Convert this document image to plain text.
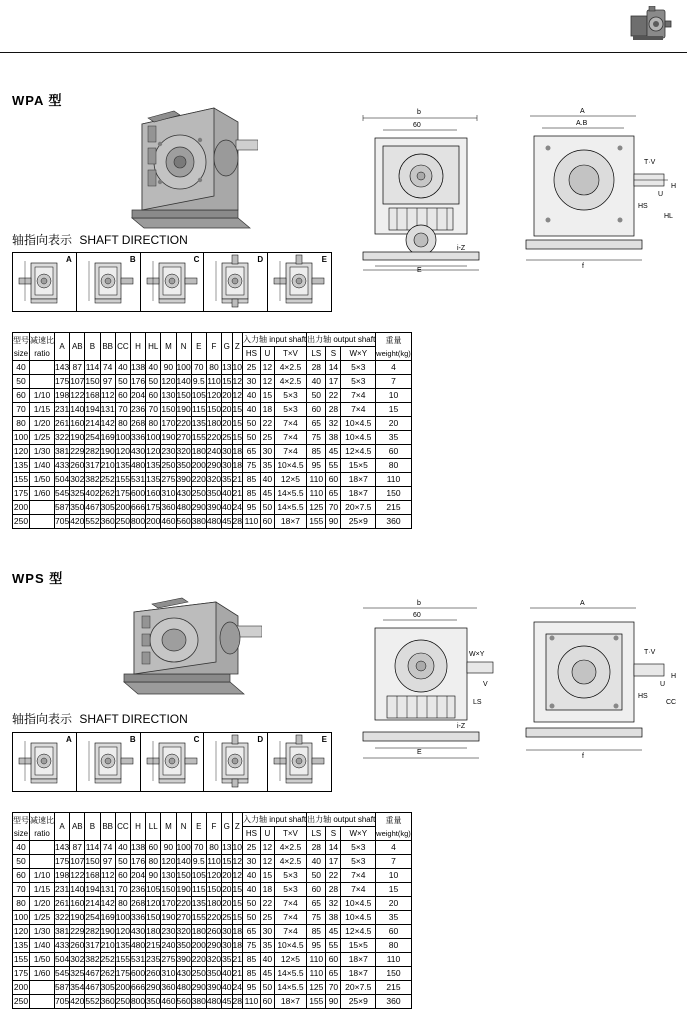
WPA 型
b
60
E
i-Z
A
A.B
T·V
U
HS
HL
H
f
轴指向表示 SHAFT DIRECTION
A	B	C	D	E
型号
size

减速比
ratio
	A	AB	B	BB	CC	H	HL	M	N	E	F	G	Z	入力轴 input shaft	出力轴 output shaft	重量
weight(kg)

															HS	U	T×V	LS	S	W×Y	
40		143	87	114	74	40	138	40	90	100	70	80	13	10	25	12	4×2.5	28	14	5×3	4
50		175	107	150	97	50	176	50	120	140	9.5	110	15	12	30	12	4×2.5	40	17	5×3	7
60	1/10	198	122	168	112	60	204	60	130	150	105	120	20	12	40	15	5×3	50	22	7×4	10
70	1/15	231	140	194	131	70	236	70	150	190	115	150	20	15	40	18	5×3	60	28	7×4	15
80	1/20	261	160	214	142	80	268	80	170	220	135	180	20	15	50	22	7×4	65	32	10×4.5	20
100	1/25	322	190	254	169	100	336	100	190	270	155	220	25	15	50	25	7×4	75	38	10×4.5	35
120	1/30	381	229	282	190	120	430	120	230	320	180	240	30	18	65	30	7×4	85	45	12×4.5	60
135	1/40	433	260	317	210	135	480	135	250	350	200	290	30	18	75	35	10×4.5	95	55	15×5	80
155	1/50	504	302	382	252	155	531	135	275	390	220	320	35	21	85	40	12×5	110	60	18×7	110
175	1/60	545	325	402	262	175	600	160	310	430	250	350	40	21	85	45	14×5.5	110	65	18×7	150
200		587	350	467	305	200	666	175	360	480	290	390	40	24	95	50	14×5.5	125	70	20×7.5	215
250		705	420	552	360	250	800	200	460	560	380	480	45	28	110	60	18×7	155	90	25×9	360
WPS 型
b
60
W×Y
V
LS
E
i-Z
A
T·V
U
HS
CC
H
f
轴指向表示 SHAFT DIRECTION
A	B	C	D	E
型号
size

减速比
ratio
	A	AB	B	BB	CC	H	LL	M	N	E	F	G	Z	入力轴 input shaft	出力轴 output shaft	重量
weight(kg)

															HS	U	T×V	LS	S	W×Y	
40		143	87	114	74	40	138	60	90	100	70	80	13	10	25	12	4×2.5	28	14	5×3	4
50		175	107	150	97	50	176	80	120	140	9.5	110	15	12	30	12	4×2.5	40	17	5×3	7
60	1/10	198	122	168	112	60	204	90	130	150	105	120	20	12	40	15	5×3	50	22	7×4	10
70	1/15	231	140	194	131	70	236	105	150	190	115	150	20	15	40	18	5×3	60	28	7×4	15
80	1/20	261	160	214	142	80	268	120	170	220	135	180	20	15	50	22	7×4	65	32	10×4.5	20
100	1/25	322	190	254	169	100	336	150	190	270	155	220	25	15	50	25	7×4	75	38	10×4.5	35
120	1/30	381	229	282	190	120	430	180	230	320	180	260	30	18	65	30	7×4	85	45	12×4.5	60
135	1/40	433	260	317	210	135	480	215	240	350	200	290	30	18	75	35	10×4.5	95	55	15×5	80
155	1/50	504	302	382	252	155	531	235	275	390	220	320	35	21	85	40	12×5	110	60	18×7	110
175	1/60	545	325	467	262	175	600	260	310	430	250	350	40	21	85	45	14×5.5	110	65	18×7	150
200		587	354	467	305	200	666	290	360	480	290	390	40	24	95	50	14×5.5	125	70	20×7.5	215
250		705	420	552	360	250	800	350	460	560	380	480	45	28	110	60	18×7	155	90	25×9	360
